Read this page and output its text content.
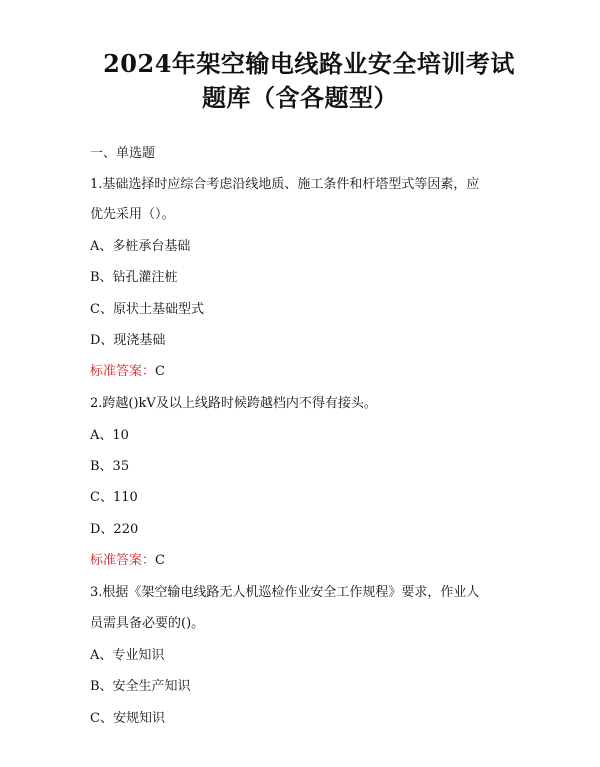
2024年架空输电线路业安全培训考试
题库（含各题型）
一、单选题
1.基础选择时应综合考虑沿线地质、施工条件和杆塔型式等因素，应
优先采用（）。
A、多桩承台基础
B、钻孔灌注桩
C、原状土基础型式
D、现浇基础
标准答案：C
2.跨越()kV及以上线路时候跨越档内不得有接头。
A、10
B、35
C、110
D、220
标准答案：C
3.根据《架空输电线路无人机巡检作业安全工作规程》要求，作业人
员需具备必要的()。
A、专业知识
B、安全生产知识
C、安规知识
